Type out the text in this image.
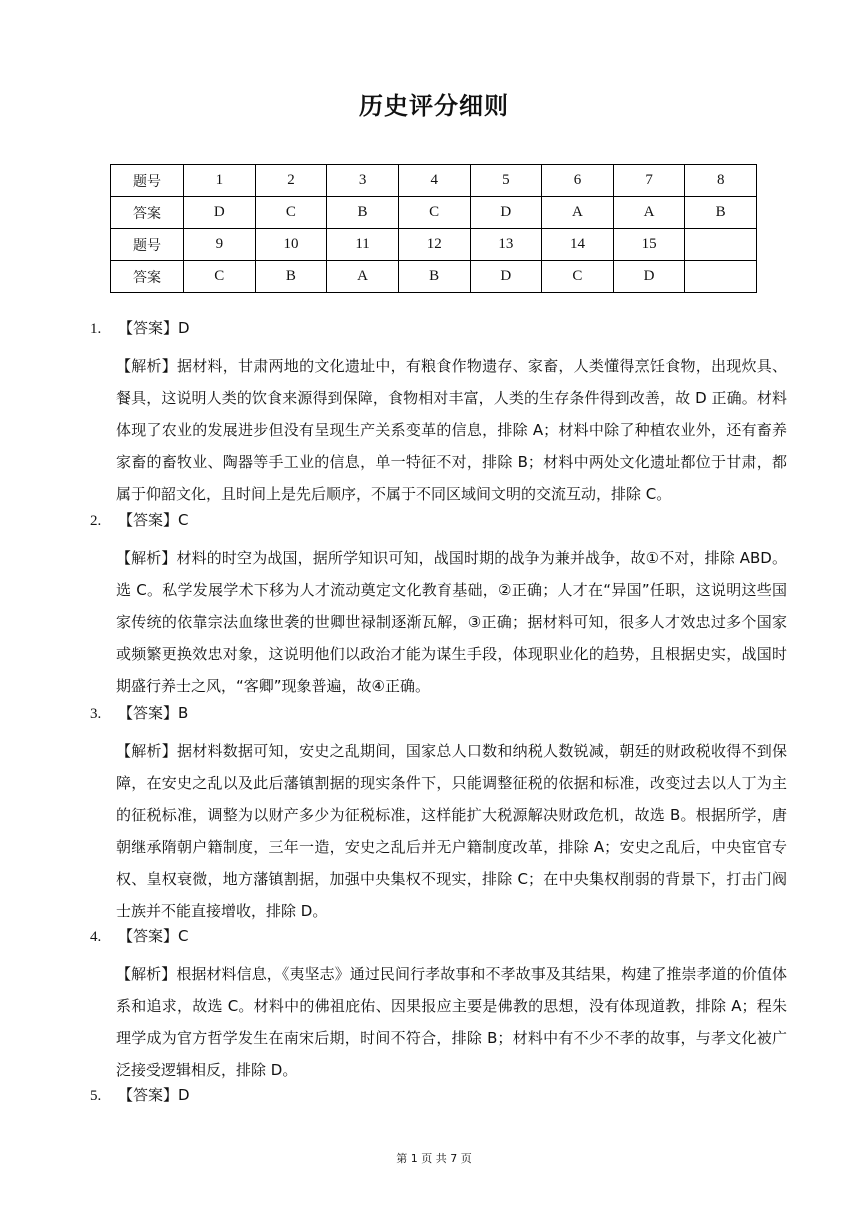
历史评分细则
题号	1	2	3	4	5	6	7	8
答案	D	C	B	C	D	A	A	B
题号	9	10	11	12	13	14	15	
答案	C	B	A	B	D	C	D	
1. 【答案】D
【解析】据材料，甘肃两地的文化遗址中，有粮食作物遗存、家畜，人类懂得烹饪食物，出现炊具、餐具，这说明人类的饮食来源得到保障，食物相对丰富，人类的生存条件得到改善，故 D 正确。材料体现了农业的发展进步但没有呈现生产关系变革的信息，排除 A；材料中除了种植农业外，还有畜养家畜的畜牧业、陶器等手工业的信息，单一特征不对，排除 B；材料中两处文化遗址都位于甘肃，都属于仰韶文化，且时间上是先后顺序，不属于不同区域间文明的交流互动，排除 C。
2. 【答案】C
【解析】材料的时空为战国，据所学知识可知，战国时期的战争为兼并战争，故①不对，排除 ABD。选 C。私学发展学术下移为人才流动奠定文化教育基础，②正确；人才在“异国”任职，这说明这些国家传统的依靠宗法血缘世袭的世卿世禄制逐渐瓦解，③正确；据材料可知，很多人才效忠过多个国家或频繁更换效忠对象，这说明他们以政治才能为谋生手段，体现职业化的趋势，且根据史实，战国时期盛行养士之风，“客卿”现象普遍，故④正确。
3. 【答案】B
【解析】据材料数据可知，安史之乱期间，国家总人口数和纳税人数锐减，朝廷的财政税收得不到保障，在安史之乱以及此后藩镇割据的现实条件下，只能调整征税的依据和标准，改变过去以人丁为主的征税标准，调整为以财产多少为征税标准，这样能扩大税源解决财政危机，故选 B。根据所学，唐朝继承隋朝户籍制度，三年一造，安史之乱后并无户籍制度改革，排除 A；安史之乱后，中央宦官专权、皇权衰微，地方藩镇割据，加强中央集权不现实，排除 C；在中央集权削弱的背景下，打击门阀士族并不能直接增收，排除 D。
4. 【答案】C
【解析】根据材料信息，《夷坚志》通过民间行孝故事和不孝故事及其结果，构建了推崇孝道的价值体系和追求，故选 C。材料中的佛祖庇佑、因果报应主要是佛教的思想，没有体现道教，排除 A；程朱理学成为官方哲学发生在南宋后期，时间不符合，排除 B；材料中有不少不孝的故事，与孝文化被广泛接受逻辑相反，排除 D。
5. 【答案】D
第 1 页 共 7 页
